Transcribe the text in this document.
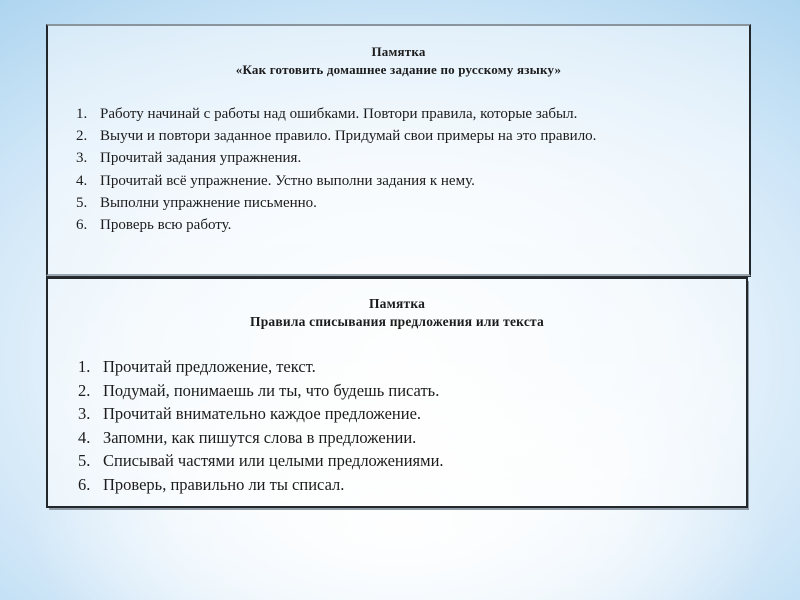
Памятка
«Как готовить домашнее задание по русскому языку»
1. Работу начинай с работы над ошибками. Повтори правила, которые забыл.
2. Выучи и повтори заданное правило. Придумай свои примеры на это правило.
3. Прочитай задания упражнения.
4. Прочитай всё упражнение. Устно выполни задания к нему.
5. Выполни упражнение письменно.
6. Проверь всю работу.
Памятка
Правила списывания предложения или текста
1. Прочитай предложение, текст.
2. Подумай, понимаешь ли ты, что будешь писать.
3. Прочитай внимательно каждое предложение.
4. Запомни, как пишутся слова в предложении.
5. Списывай частями или целыми предложениями.
6. Проверь, правильно ли ты списал.
